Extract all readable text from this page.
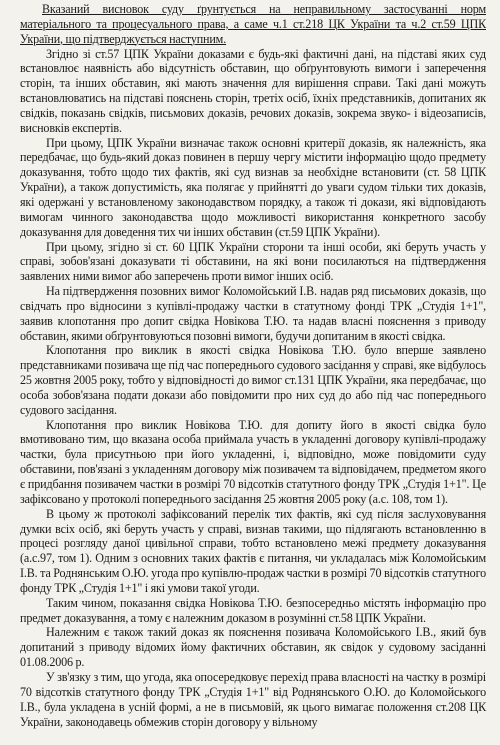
Вказаний висновок суду ґрунтується на неправильному застосуванні норм матеріального та процесуального права, а саме ч.1 ст.218 ЦК України та ч.2 ст.59 ЦПК України, що підтверджується наступним.

Згідно зі ст.57 ЦПК України доказами є будь-які фактичні дані, на підставі яких суд встановлює наявність або відсутність обставин, що обґрунтовують вимоги і заперечення сторін, та інших обставин, які мають значення для вирішення справи. Такі дані можуть встановлюватись на підставі пояснень сторін, третіх осіб, їхніх представників, допитаних як свідків, показань свідків, письмових доказів, речових доказів, зокрема звуко- і відеозаписів, висновків експертів.

При цьому, ЦПК України визначає також основні критерії доказів, як належність, яка передбачає, що будь-який доказ повинен в першу чергу містити інформацію щодо предмету доказування, тобто щодо тих фактів, які суд визнав за необхідне встановити (ст. 58 ЦПК України), а також допустимість, яка полягає у прийнятті до уваги судом тільки тих доказів, які одержані у встановленому законодавством порядку, а також ті докази, які відповідають вимогам чинного законодавства щодо можливості використання конкретного засобу доказування для доведення тих чи інших обставин (ст.59 ЦПК України).

При цьому, згідно зі ст. 60 ЦПК України сторони та інші особи, які беруть участь у справі, зобов'язані доказувати ті обставини, на які вони посилаються на підтвердження заявлених ними вимог або заперечень проти вимог інших осіб.

На підтвердження позовних вимог Коломойський І.В. надав ряд письмових доказів, що свідчать про відносини з купівлі-продажу частки в статутному фонді ТРК „Студія 1+1", заявив клопотання про допит свідка Новікова Т.Ю. та надав власні пояснення з приводу обставин, якими обґрунтовуються позовні вимоги, будучи допитаним в якості свідка.

Клопотання про виклик в якості свідка Новікова Т.Ю. було вперше заявлено представниками позивача ще під час попереднього судового засідання у справі, яке відбулось 25 жовтня 2005 року, тобто у відповідності до вимог ст.131 ЦПК України, яка передбачає, що особа зобов'язана подати докази або повідомити про них суд до або під час попереднього судового засідання.

Клопотання про виклик Новікова Т.Ю. для допиту його в якості свідка було вмотивовано тим, що вказана особа приймала участь в укладенні договору купівлі-продажу частки, була присутньою при його укладенні, і, відповідно, може повідомити суду обставини, пов'язані з укладенням договору між позивачем та відповідачем, предметом якого є придбання позивачем частки в розмірі 70 відсотків статутного фонду ТРК „Студія 1+1". Це зафіксовано у протоколі попереднього засідання 25 жовтня 2005 року (а.с. 108, том 1).

В цьому ж протоколі зафіксований перелік тих фактів, які суд після заслуховування думки всіх осіб, які беруть участь у справі, визнав такими, що підлягають встановленню в процесі розгляду даної цивільної справи, тобто встановлено межі предмету доказування (а.с.97, том 1). Одним з основних таких фактів є питання, чи укладалась між Коломойським І.В. та Роднянським О.Ю. угода про купівлю-продаж частки в розмірі 70 відсотків статутного фонду ТРК „Студія 1+1" і які умови такої угоди.

Таким чином, показання свідка Новікова Т.Ю. безпосередньо містять інформацію про предмет доказування, а тому є належним доказом в розумінні ст.58 ЦПК України.

Належним є також такий доказ як пояснення позивача Коломойського І.В., який був допитаний з приводу відомих йому фактичних обставин, як свідок у судовому засіданні 01.08.2006 р.

У зв'язку з тим, що угода, яка опосередковує перехід права власності на частку в розмірі 70 відсотків статутного фонду ТРК „Студія 1+1" від Роднянського О.Ю. до Коломойського І.В., була укладена в усній формі, а не в письмовій, як цього вимагає положення ст.208 ЦК України, законодавець обмежив сторін договору у вільному
